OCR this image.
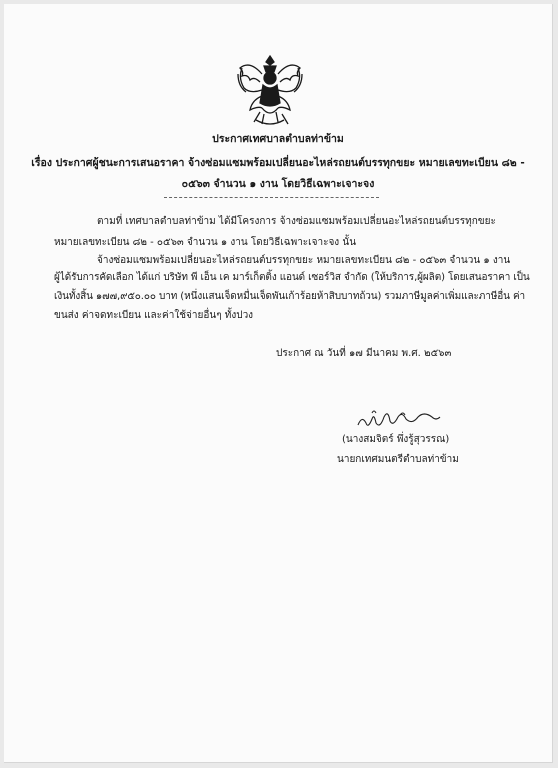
ประกาศเทศบาลตำบลท่าข้าม
เรื่อง ประกาศผู้ชนะการเสนอราคา จ้างซ่อมแซมพร้อมเปลี่ยนอะไหล่รถยนต์บรรทุกขยะ หมายเลขทะเบียน ๘๒ -
๐๕๖๓ จำนวน ๑ งาน โดยวิธีเฉพาะเจาะจง
ตามที่ เทศบาลตำบลท่าข้าม ได้มีโครงการ จ้างซ่อมแซมพร้อมเปลี่ยนอะไหล่รถยนต์บรรทุกขยะ
หมายเลขทะเบียน ๘๒ - ๐๕๖๓ จำนวน ๑ งาน โดยวิธีเฉพาะเจาะจง นั้น
จ้างซ่อมแซมพร้อมเปลี่ยนอะไหล่รถยนต์บรรทุกขยะ หมายเลขทะเบียน ๘๒ - ๐๕๖๓ จำนวน ๑ งาน
ผู้ได้รับการคัดเลือก ได้แก่ บริษัท พี เอ็น เค มาร์เก็ตติ้ง แอนด์ เซอร์วิส จำกัด (ให้บริการ,ผู้ผลิต) โดยเสนอราคา เป็น
เงินทั้งสิ้น ๑๗๗,๙๕๐.๐๐ บาท (หนึ่งแสนเจ็ดหมื่นเจ็ดพันเก้าร้อยห้าสิบบาทถ้วน) รวมภาษีมูลค่าเพิ่มและภาษีอื่น ค่า
ขนส่ง ค่าจดทะเบียน และค่าใช้จ่ายอื่นๆ ทั้งปวง
ประกาศ ณ วันที่ ๑๗ มีนาคม พ.ศ. ๒๕๖๓
(นางสมจิตร์ พึ่งรู้สุวรรณ)
นายกเทศมนตรีตำบลท่าข้าม
